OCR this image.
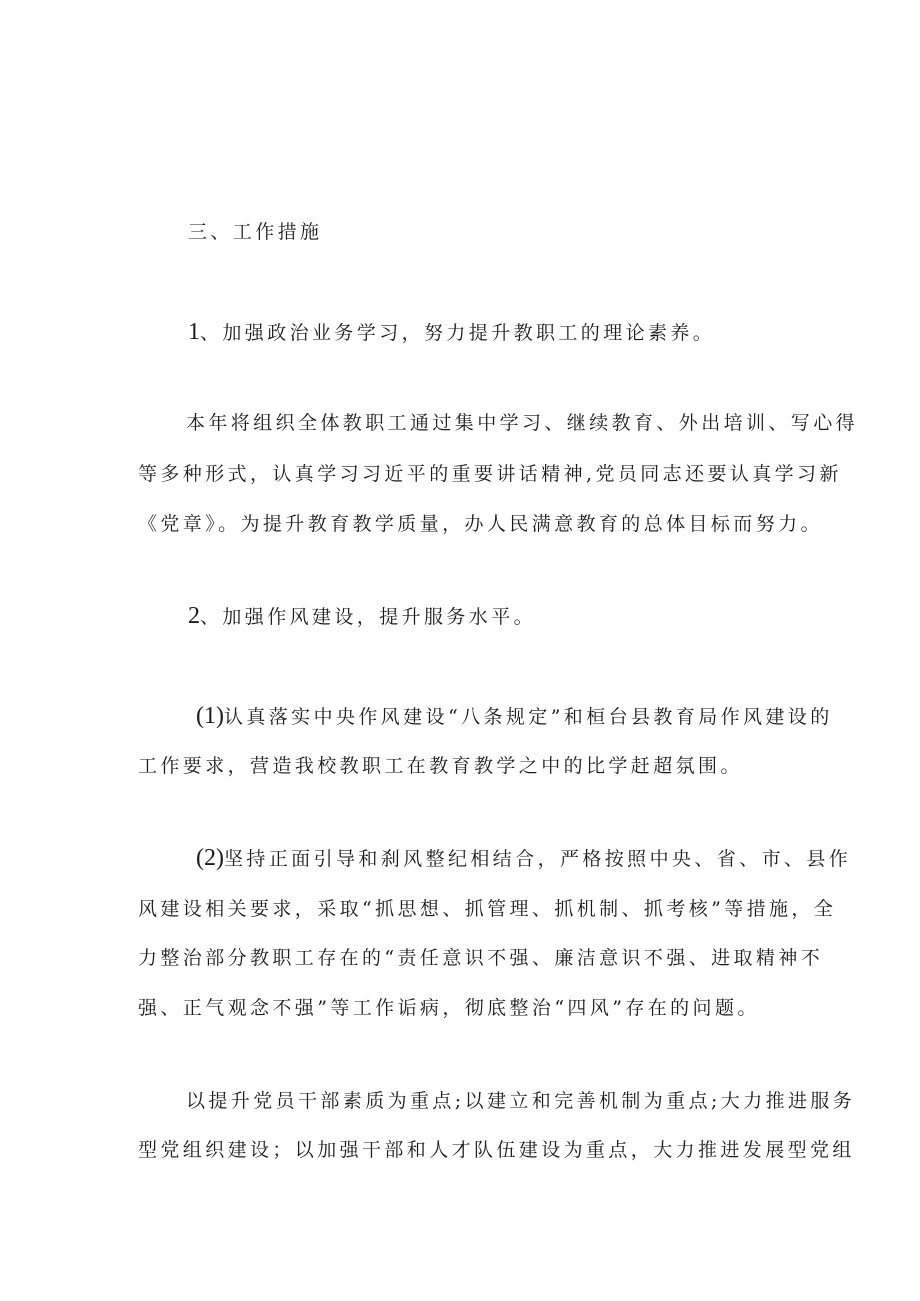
三、工作措施
1、加强政治业务学习，努力提升教职工的理论素养。
本年将组织全体教职工通过集中学习、继续教育、外出培训、写心得
等多种形式，认真学习习近平的重要讲话精神,党员同志还要认真学习新
《党章》。为提升教育教学质量，办人民满意教育的总体目标而努力。
2、加强作风建设，提升服务水平。
(1)认真落实中央作风建设“八条规定”和桓台县教育局作风建设的
工作要求，营造我校教职工在教育教学之中的比学赶超氛围。
(2)坚持正面引导和刹风整纪相结合，严格按照中央、省、市、县作
风建设相关要求，采取“抓思想、抓管理、抓机制、抓考核”等措施，全
力整治部分教职工存在的“责任意识不强、廉洁意识不强、进取精神不
强、正气观念不强”等工作诟病，彻底整治“四风”存在的问题。
以提升党员干部素质为重点;以建立和完善机制为重点;大力推进服务
型党组织建设；以加强干部和人才队伍建设为重点，大力推进发展型党组
